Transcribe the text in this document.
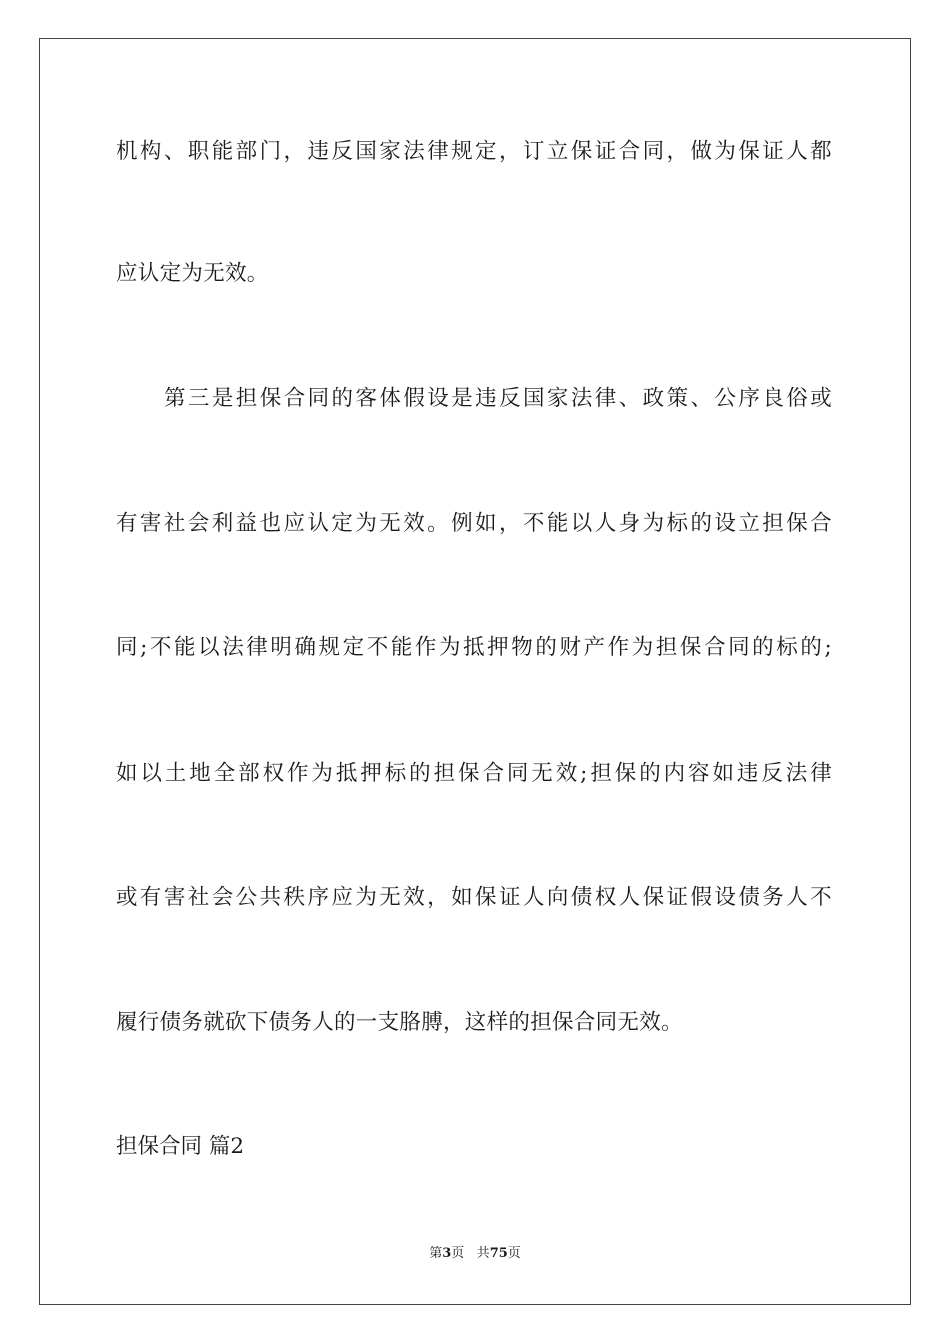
机构、职能部门，违反国家法律规定，订立保证合同，做为保证人都
应认定为无效。
第三是担保合同的客体假设是违反国家法律、政策、公序良俗或
有害社会利益也应认定为无效。例如，不能以人身为标的设立担保合
同;不能以法律明确规定不能作为抵押物的财产作为担保合同的标的;
如以土地全部权作为抵押标的担保合同无效;担保的内容如违反法律
或有害社会公共秩序应为无效，如保证人向债权人保证假设债务人不
履行债务就砍下债务人的一支胳膊，这样的担保合同无效。
担保合同 篇2
第3页 共75页
